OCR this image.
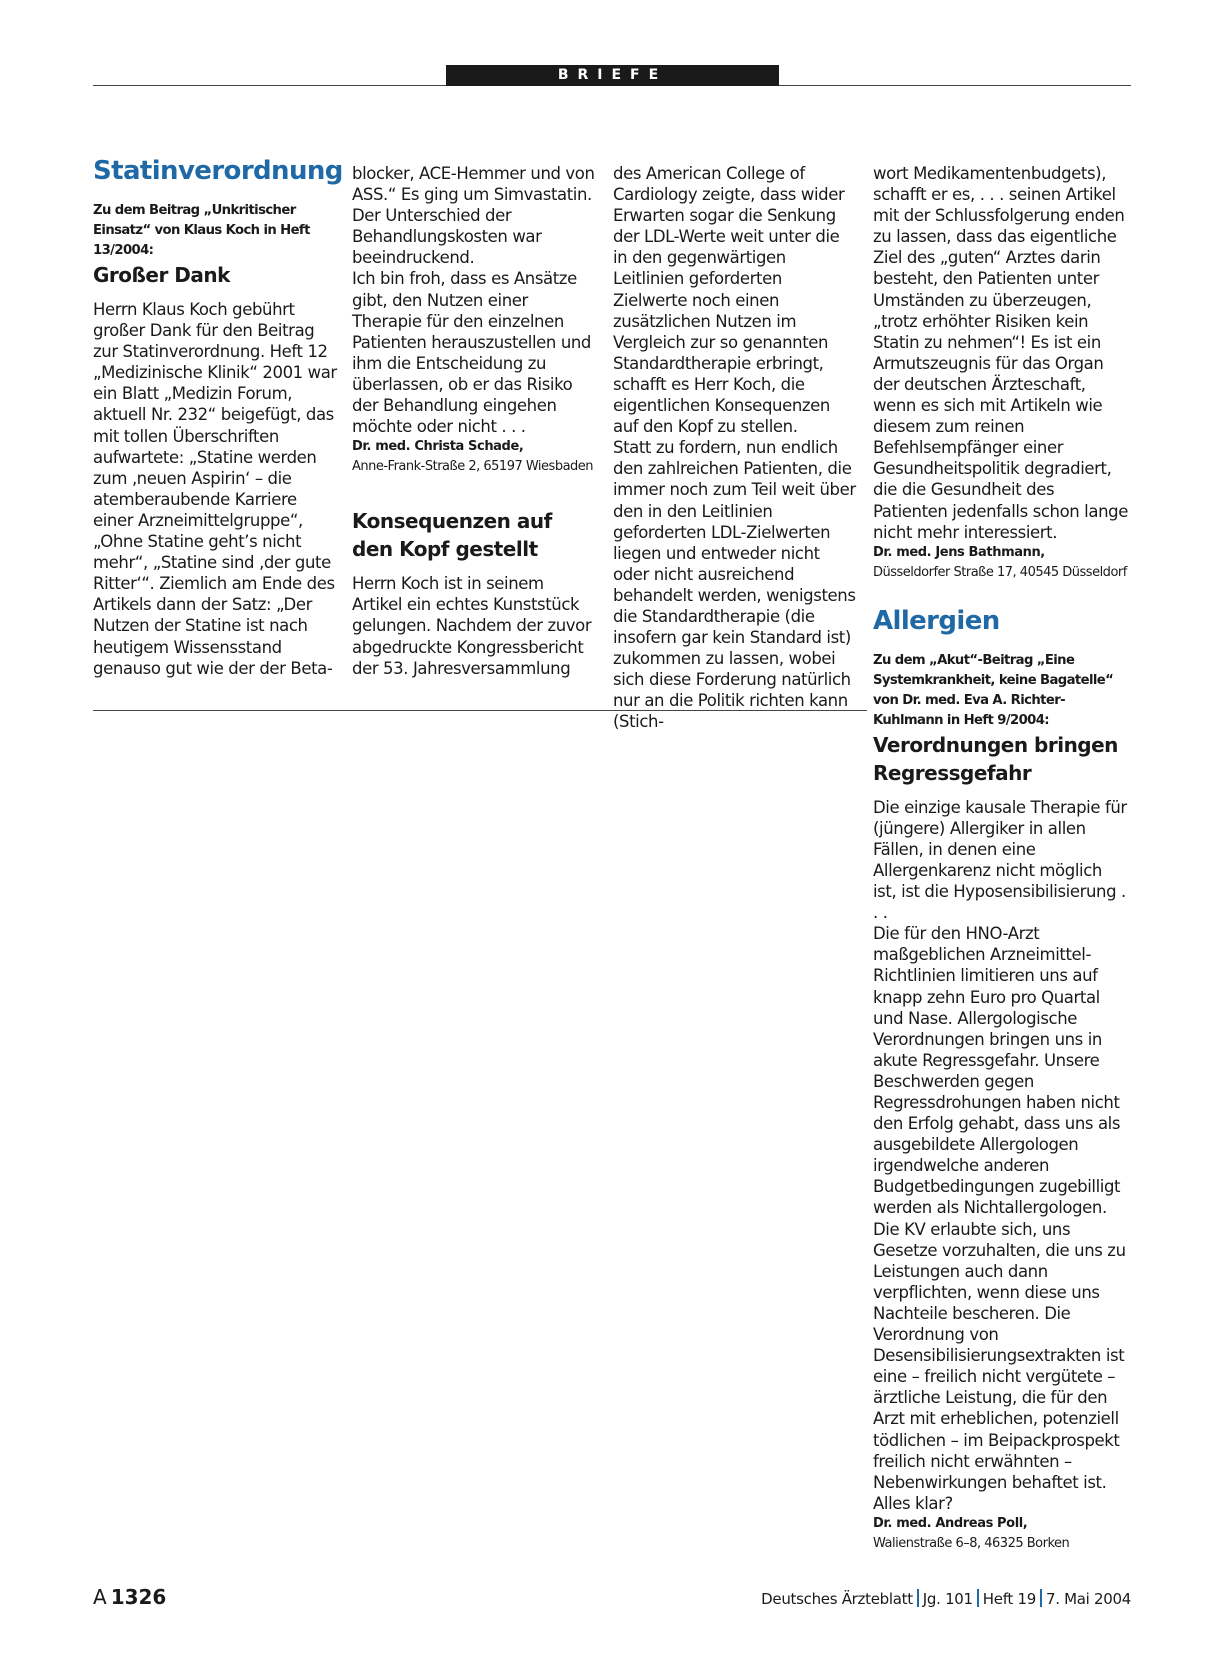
BRIEFE
Statinverordnung

Zu dem Beitrag „Unkritischer Einsatz“ von Klaus Koch in Heft 13/2004:

Großer Dank

Herrn Klaus Koch gebührt großer Dank für den Beitrag zur Statinverordnung. Heft 12 „Medizinische Klinik“ 2001 war ein Blatt „Medizin Forum, aktuell Nr. 232“ beigefügt, das mit tollen Überschriften aufwartete: „Statine werden zum ‚neuen Aspirin‘ – die atemberaubende Karriere einer Arzneimittelgruppe“, „Ohne Statine geht’s nicht mehr“, „Statine sind ‚der gute Ritter‘“. Ziemlich am Ende des Artikels dann der Satz: „Der Nutzen der Statine ist nach heutigem Wissensstand genauso gut wie der der Beta-

blocker, ACE-Hemmer und von ASS.“ Es ging um Simvastatin. Der Unterschied der Behandlungskosten war beeindruckend.

Ich bin froh, dass es Ansätze gibt, den Nutzen einer Therapie für den einzelnen Patienten herauszustellen und ihm die Entscheidung zu überlassen, ob er das Risiko der Behandlung eingehen möchte oder nicht . . .

Dr. med. Christa Schade,
Anne-Frank-Straße 2, 65197 Wiesbaden
Konsequenzen auf den Kopf gestellt

Herrn Koch ist in seinem Artikel ein echtes Kunststück gelungen. Nachdem der zuvor abgedruckte Kongressbericht der 53. Jahresversammlung

des American College of Cardiology zeigte, dass wider Erwarten sogar die Senkung der LDL-Werte weit unter die in den gegenwärtigen Leitlinien geforderten Zielwerte noch einen zusätzlichen Nutzen im Vergleich zur so genannten Standardtherapie erbringt, schafft es Herr Koch, die eigentlichen Konsequenzen auf den Kopf zu stellen.

Statt zu fordern, nun endlich den zahlreichen Patienten, die immer noch zum Teil weit über den in den Leitlinien geforderten LDL-Zielwerten liegen und entweder nicht oder nicht ausreichend behandelt werden, wenigstens die Standardtherapie (die insofern gar kein Standard ist) zukommen zu lassen, wobei sich diese Forderung natürlich nur an die Politik richten kann (Stich-

wort Medikamentenbudgets), schafft er es, . . . seinen Artikel mit der Schlussfolgerung enden zu lassen, dass das eigentliche Ziel des „guten“ Arztes darin besteht, den Patienten unter Umständen zu überzeugen, „trotz erhöhter Risiken kein Statin zu nehmen“! Es ist ein Armutszeugnis für das Organ der deutschen Ärzteschaft, wenn es sich mit Artikeln wie diesem zum reinen Befehlsempfänger einer Gesundheitspolitik degradiert, die die Gesundheit des Patienten jedenfalls schon lange nicht mehr interessiert.

Dr. med. Jens Bathmann,
Düsseldorfer Straße 17, 40545 Düsseldorf
Allergien

Zu dem „Akut“-Beitrag „Eine Systemkrankheit, keine Bagatelle“ von Dr. med. Eva A. Richter-Kuhlmann in Heft 9/2004:

Verordnungen bringen Regressgefahr

Die einzige kausale Therapie für (jüngere) Allergiker in allen Fällen, in denen eine Allergenkarenz nicht möglich ist, ist die Hyposensibilisierung . . .

Die für den HNO-Arzt maßgeblichen Arzneimittel-Richtlinien limitieren uns auf knapp zehn Euro pro Quartal und Nase. Allergologische Verordnungen bringen uns in akute Regressgefahr. Unsere Beschwerden gegen Regressdrohungen haben nicht den Erfolg gehabt, dass uns als ausgebildete Allergologen irgendwelche anderen Budgetbedingungen zugebilligt werden als Nichtallergologen. Die KV erlaubte sich, uns Gesetze vorzuhalten, die uns zu Leistungen auch dann verpflichten, wenn diese uns Nachteile bescheren. Die Verordnung von Desensibilisierungsextrakten ist eine – freilich nicht vergütete – ärztliche Leistung, die für den Arzt mit erheblichen, potenziell tödlichen – im Beipackprospekt freilich nicht erwähnten – Nebenwirkungen behaftet ist. Alles klar?

Dr. med. Andreas Poll,
Walienstraße 6–8, 46325 Borken
A  1326	Deutsches Ärzteblatt Jg. 101 Heft 19 7. Mai 2004
